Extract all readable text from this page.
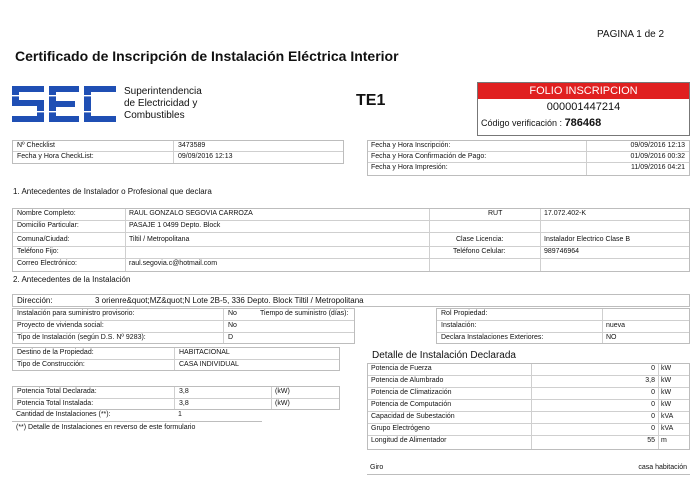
PAGINA 1 de 2
Certificado de Inscripción de Instalación Eléctrica Interior
Superintendencia
de Electricidad y
Combustibles
TE1
FOLIO INSCRIPCION
000001447214
Código verificación : 786468
Nº Checklist	3473589
Fecha y Hora CheckList:	09/09/2016 12:13
Fecha y Hora Inscripción:	09/09/2016 12:13
Fecha y Hora Confirmación de Pago:	01/09/2016 00:32
Fecha y Hora Impresión:	11/09/2016 04:21
1. Antecedentes de Instalador o Profesional que declara
Nombre Completo:	RAUL GONZALO SEGOVIA CARROZA	RUT	17.072.402-K
Domicilio Particular:	PASAJE 1 0499 Depto. Block
Comuna/Ciudad:	Tiltil / Metropolitana	Clase Licencia:	Instalador Electrico Clase B
Teléfono Fijo:	Teléfono Celular:	989746964
Correo Electrónico:	raul.segovia.c@hotmail.com
2. Antecedentes de la Instalación
Dirección:	3 orienre&quot;MZ&quot;N Lote 2B-5, 336 Depto. Block Tiltil / Metropolitana
Instalación para suministro provisorio:	No	Tiempo de suministro (días):
Proyecto de vivienda social:	No
Tipo de Instalación (según D.S. Nº 9283):	D
Rol Propiedad:
Instalación:	nueva
Declara Instalaciones Exteriores:	NO
Destino de la Propiedad:	HABITACIONAL
Tipo de Construcción:	CASA INDIVIDUAL
Potencia Total Declarada:	3,8	(kW)
Potencia Total Instalada:	3,8	(kW)
Cantidad de Instalaciones (**):	1
(**) Detalle de Instalaciones en reverso de este formulario
Detalle de Instalación Declarada
Potencia de Fuerza	0 kW
Potencia de Alumbrado	3,8 kW
Potencia de Climatización	0 kW
Potencia de Computación	0 kW
Capacidad de Subestación	0 kVA
Grupo Electrógeno	0 kVA
Longitud de Alimentador	55 m
Giro	casa habitación
